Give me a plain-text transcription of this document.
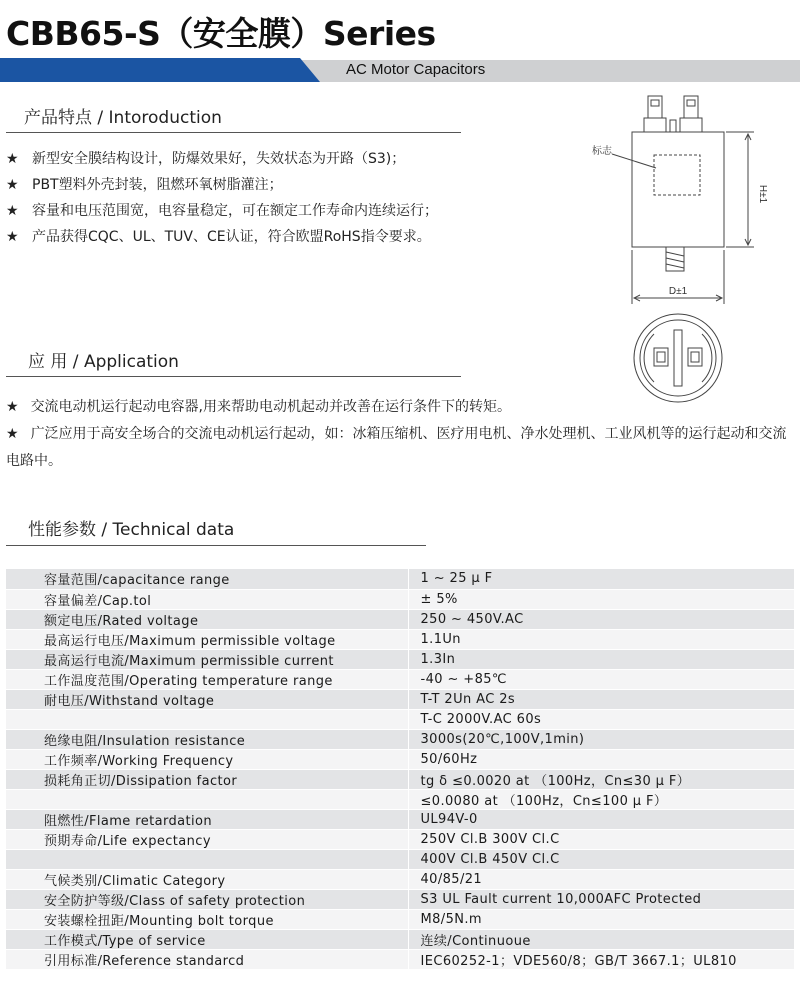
CBB65-S（安全膜）Series
AC Motor Capacitors
产品特点 / Intoroduction
★ 新型安全膜结构设计，防爆效果好，失效状态为开路（S3)；
★ PBT塑料外壳封装，阻燃环氧树脂灌注；
★ 容量和电压范围宽，电容量稳定，可在额定工作寿命内连续运行；
★ 产品获得CQC、UL、TUV、CE认证，符合欧盟RoHS指令要求。
标志
H±1
D±1
应 用 / Application
★ 交流电动机运行起动电容器,用来帮助电动机起动并改善在运行条件下的转矩。
★ 广泛应用于高安全场合的交流电动机运行起动，如：冰箱压缩机、医疗用电机、净水处理机、工业风机等的运行起动和交流电路中。
性能参数 / Technical data
容量范围/capacitance range	1 ~ 25 μ F
容量偏差/Cap.tol	± 5%
额定电压/Rated voltage	250 ~ 450V.AC
最高运行电压/Maximum permissible voltage	1.1Un
最高运行电流/Maximum permissible current	1.3In
工作温度范围/Operating temperature range	-40 ~ +85℃
耐电压/Withstand voltage	T-T 2Un AC 2s
	T-C 2000V.AC 60s
绝缘电阻/Insulation resistance	3000s(20℃,100V,1min)
工作频率/Working Frequency	50/60Hz
损耗角正切/Dissipation factor	tg δ ≤0.0020 at （100Hz，Cn≤30 μ F）
	≤0.0080 at （100Hz，Cn≤100 μ F）
阻燃性/Flame retardation	UL94V-0
预期寿命/Life expectancy	250V Cl.B 300V Cl.C
	400V Cl.B 450V Cl.C
气候类别/Climatic Category	40/85/21
安全防护等级/Class of safety protection	S3 UL Fault current 10,000AFC Protected
安装螺栓扭距/Mounting bolt torque	M8/5N.m
工作模式/Type of service	连续/Continuoue
引用标准/Reference standarcd	IEC60252-1；VDE560/8；GB/T 3667.1；UL810
